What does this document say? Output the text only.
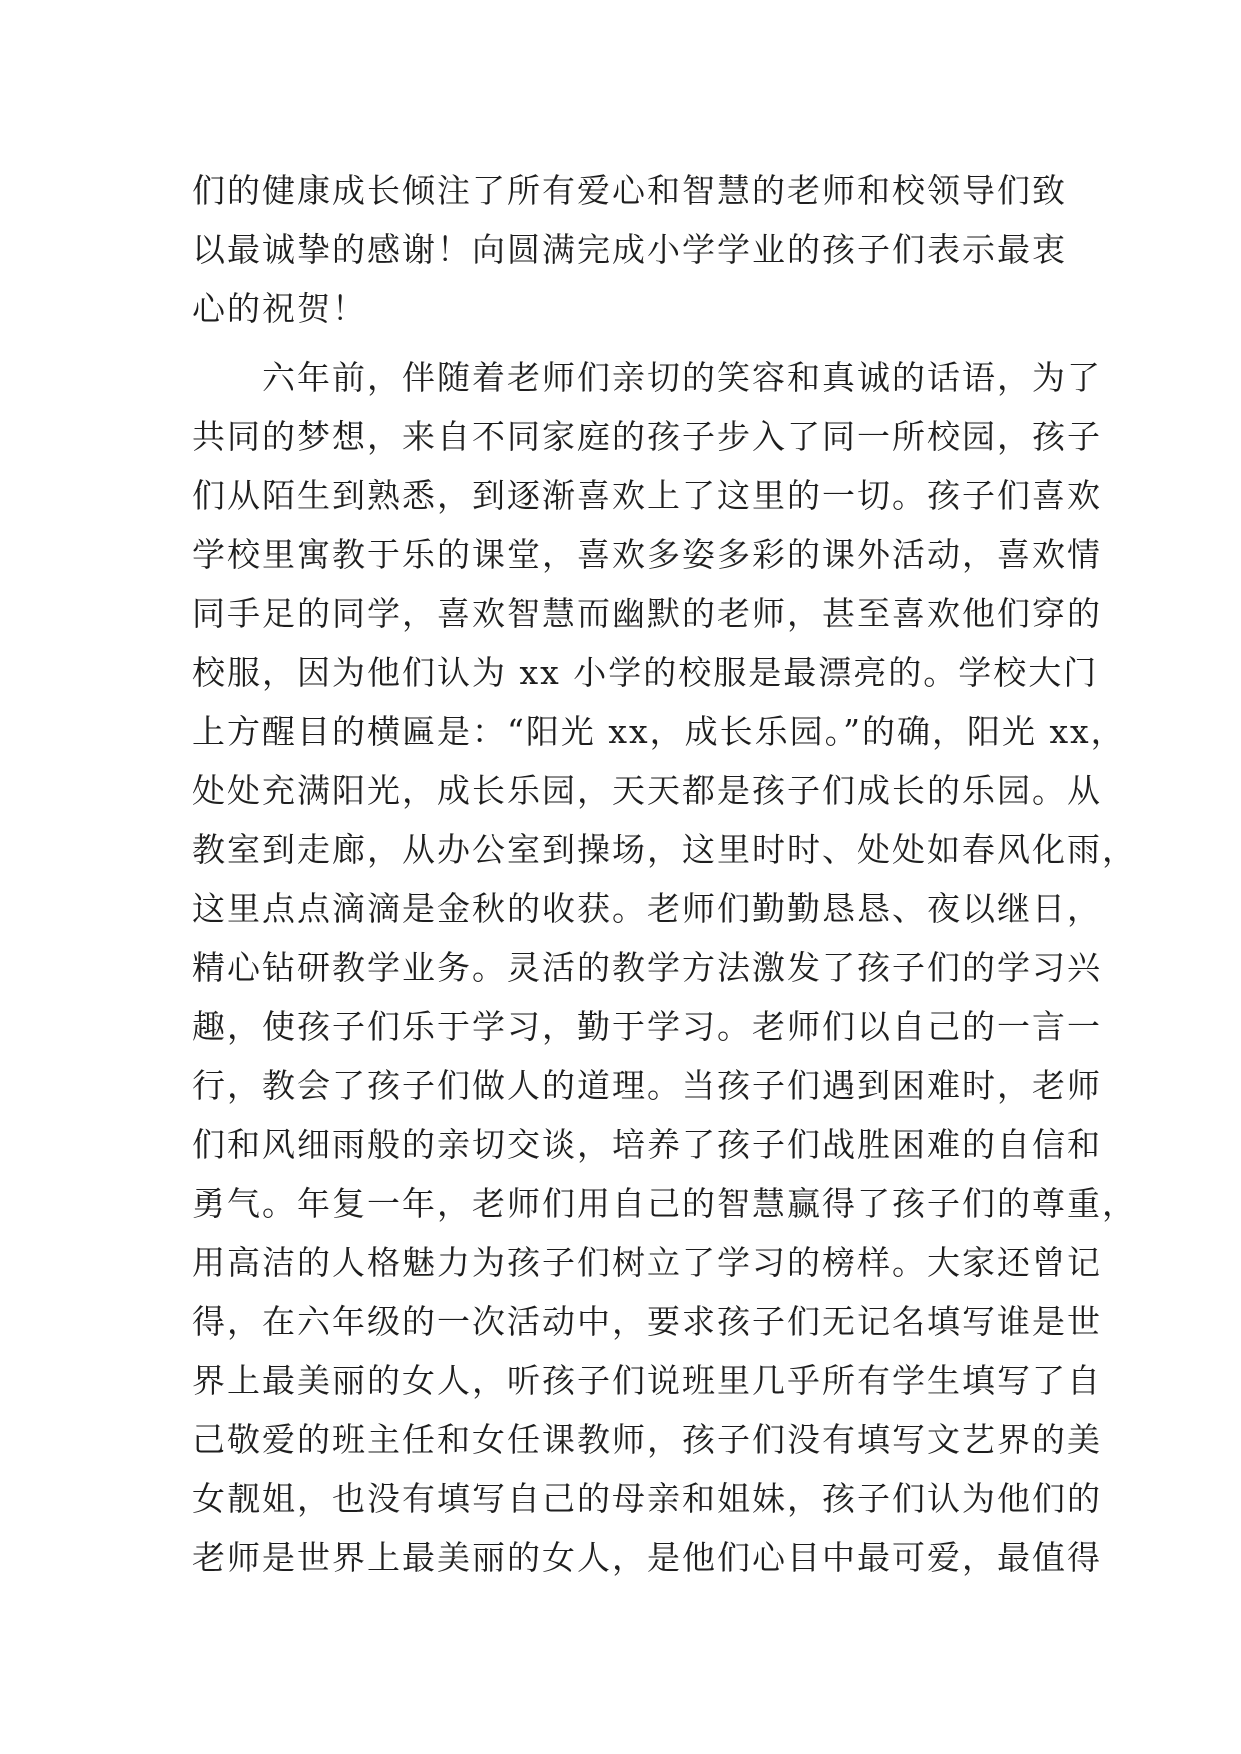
们的健康成长倾注了所有爱心和智慧的老师和校领导们致
以最诚挚的感谢！向圆满完成小学学业的孩子们表示最衷
心的祝贺！
　　六年前，伴随着老师们亲切的笑容和真诚的话语，为了
共同的梦想，来自不同家庭的孩子步入了同一所校园，孩子
们从陌生到熟悉，到逐渐喜欢上了这里的一切。孩子们喜欢
学校里寓教于乐的课堂，喜欢多姿多彩的课外活动，喜欢情
同手足的同学，喜欢智慧而幽默的老师，甚至喜欢他们穿的
校服，因为他们认为 xx 小学的校服是最漂亮的。学校大门
上方醒目的横匾是：“阳光 xx，成长乐园。”的确，阳光 xx，
处处充满阳光，成长乐园，天天都是孩子们成长的乐园。从
教室到走廊，从办公室到操场，这里时时、处处如春风化雨，
这里点点滴滴是金秋的收获。老师们勤勤恳恳、夜以继日，
精心钻研教学业务。灵活的教学方法激发了孩子们的学习兴
趣，使孩子们乐于学习，勤于学习。老师们以自己的一言一
行，教会了孩子们做人的道理。当孩子们遇到困难时，老师
们和风细雨般的亲切交谈，培养了孩子们战胜困难的自信和
勇气。年复一年，老师们用自己的智慧赢得了孩子们的尊重，
用高洁的人格魅力为孩子们树立了学习的榜样。大家还曾记
得，在六年级的一次活动中，要求孩子们无记名填写谁是世
界上最美丽的女人，听孩子们说班里几乎所有学生填写了自
己敬爱的班主任和女任课教师，孩子们没有填写文艺界的美
女靓姐，也没有填写自己的母亲和姐妹，孩子们认为他们的
老师是世界上最美丽的女人，是他们心目中最可爱，最值得
